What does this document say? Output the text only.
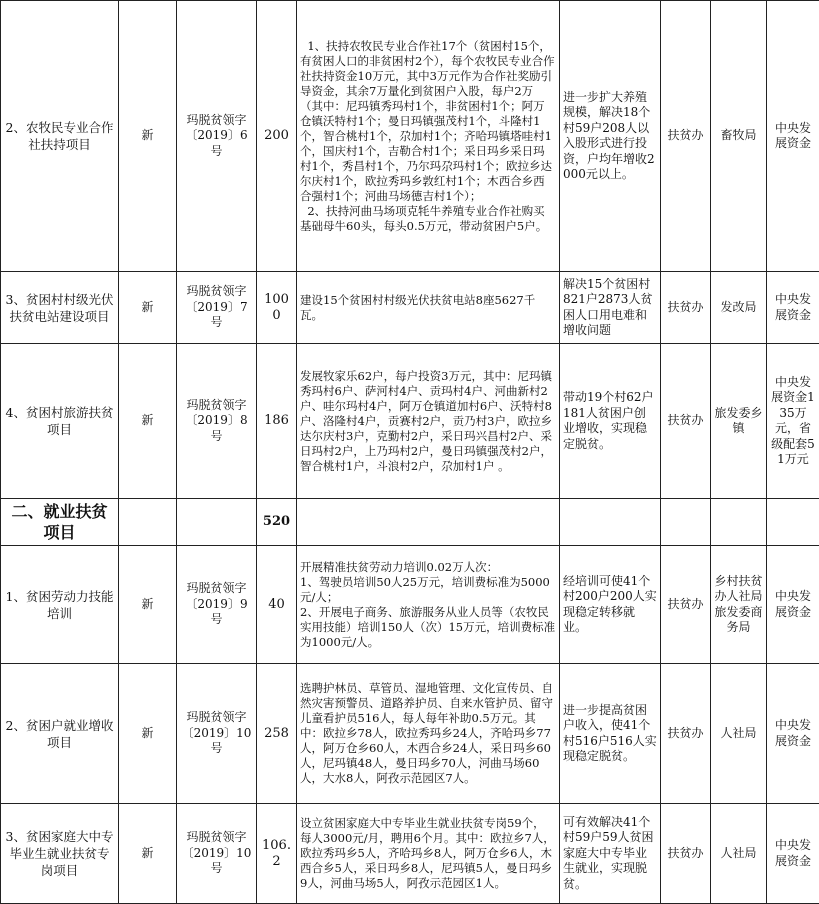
2、农牧民专业合作社扶持项目	新	玛脱贫领字〔2019〕6号	200	1、扶持农牧民专业合作社17个（贫困村15个，有贫困人口的非贫困村2个），每个农牧民专业合作社扶持资金10万元，其中3万元作为合作社奖励引导资金，其余7万量化到贫困户入股，每户2万（其中：尼玛镇秀玛村1个，非贫困村1个；阿万仓镇沃特村1个；曼日玛镇强茂村1个，斗隆村1个，智合桃村1个，尕加村1个；齐哈玛镇塔哇村1个，国庆村1个，吉勒合村1个；采日玛乡采日玛村1个，秀昌村1个，乃尔玛尕玛村1个；欧拉乡达尔庆村1个，欧拉秀玛乡敦红村1个；木西合乡西合强村1个；河曲马场德吉村1个）；
2、扶持河曲马场项克牦牛养殖专业合作社购买基础母牛60头，每头0.5万元，带动贫困户5户。	进一步扩大养殖规模，解决18个村59户208人以入股形式进行投资，户均年增收2000元以上。	扶贫办	畜牧局	中央发展资金
3、贫困村村级光伏扶贫电站建设项目	新	玛脱贫领字〔2019〕7号	1000	建设15个贫困村村级光伏扶贫电站8座5627千瓦。	解决15个贫困村821户2873人贫困人口用电难和增收问题	扶贫办	发改局	中央发展资金
4、贫困村旅游扶贫项目	新	玛脱贫领字〔2019〕8号	186	发展牧家乐62户，每户投资3万元，其中：尼玛镇秀玛村6户、萨河村4户、贡玛村4户、河曲新村2户、哇尔玛村4户，阿万仓镇道加村6户、沃特村8户、洛隆村4户，贡赛村2户，贡乃村3户，欧拉乡达尔庆村3户，克勤村2户，采日玛兴昌村2户、采日玛村2户，上乃玛村2户，曼日玛镇强茂村2户，智合桃村1户，斗浪村2户，尕加村1户 。	带动19个村62户181人贫困户创业增收，实现稳定脱贫。	扶贫办	旅发委乡镇	中央发展资金135万元，省级配套51万元
二、就业扶贫项目			520					
1、贫困劳动力技能培训	新	玛脱贫领字〔2019〕9号	40	开展精准扶贫劳动力培训0.02万人次：
1、驾驶员培训50人25万元，培训费标准为5000元/人；
2、开展电子商务、旅游服务从业人员等（农牧民实用技能）培训150人（次）15万元，培训费标准为1000元/人。	经培训可使41个村200户200人实现稳定转移就业。	扶贫办	乡村扶贫办人社局旅发委商务局	中央发展资金
2、贫困户就业增收项目	新	玛脱贫领字〔2019〕10号	258	选聘护林员、草管员、湿地管理、文化宣传员、自然灾害预警员、道路养护员、自来水管护员、留守儿童看护员516人，每人每年补助0.5万元。其中：欧拉乡78人，欧拉秀玛乡24人，齐哈玛乡77人，阿万仓乡60人，木西合乡24人，采日玛乡60人，尼玛镇48人，曼日玛乡70人，河曲马场60人，大水8人，阿孜示范园区7人。	进一步提高贫困户收入，使41个村516户516人实现稳定脱贫。	扶贫办	人社局	中央发展资金
3、贫困家庭大中专毕业生就业扶贫专岗项目	新	玛脱贫领字〔2019〕10号	106.2	设立贫困家庭大中专毕业生就业扶贫专岗59个，每人3000元/月，聘用6个月。其中：欧拉乡7人，欧拉秀玛乡5人，齐哈玛乡8人，阿万仓乡6人，木西合乡5人，采日玛乡8人，尼玛镇5人，曼日玛乡9人，河曲马场5人，阿孜示范园区1人。	可有效解决41个村59户59人贫困家庭大中专毕业生就业，实现脱贫。	扶贫办	人社局	中央发展资金
